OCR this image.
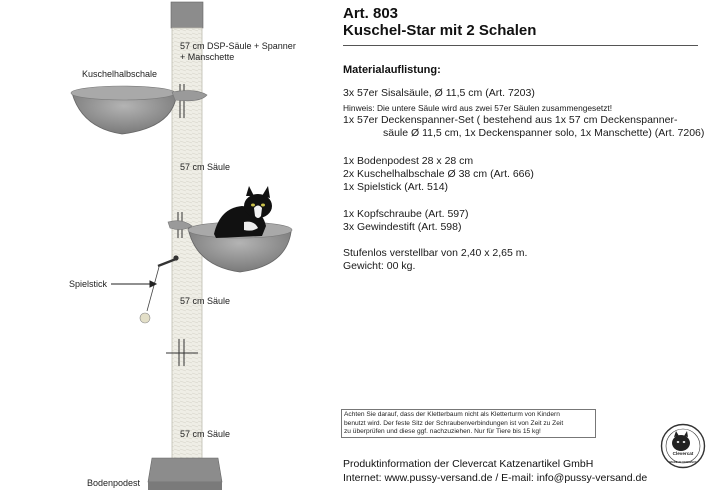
57 cm DSP-Säule + Spanner
+ Manschette
Kuschelhalbschale
57 cm Säule
Spielstick
57 cm Säule
57 cm Säule
Bodenpodest
Art. 803
Kuschel-Star mit 2 Schalen
Materialauflistung:
3x 57er Sisalsäule, Ø 11,5 cm (Art. 7203)
Hinweis: Die untere Säule wird aus zwei 57er Säulen zusammengesetzt!
1x 57er Deckenspanner-Set ( bestehend aus 1x 57 cm Deckenspanner-
säule Ø 11,5 cm, 1x Deckenspanner solo, 1x Manschette) (Art. 7206)
1x Bodenpodest 28 x 28 cm
2x Kuschelhalbschale Ø 38 cm (Art. 666)
1x Spielstick (Art. 514)
1x Kopfschraube (Art. 597)
3x Gewindestift (Art. 598)
Stufenlos verstellbar von 2,40 x 2,65 m.
Gewicht: 00 kg.
Achten Sie darauf, dass der Kletterbaum nicht als Kletterturm von Kindern
benutzt wird. Der feste Sitz der Schraubenverbindungen ist von Zeit zu Zeit
zu überprüfen und diese ggf. nachzuziehen. Nur für Tiere bis 15 kg!
Produktinformation der Clevercat Katzenartikel GmbH
Internet: www.pussy-versand.de / E-mail: info@pussy-versand.de
Clevercat
MADE IN GERMANY
